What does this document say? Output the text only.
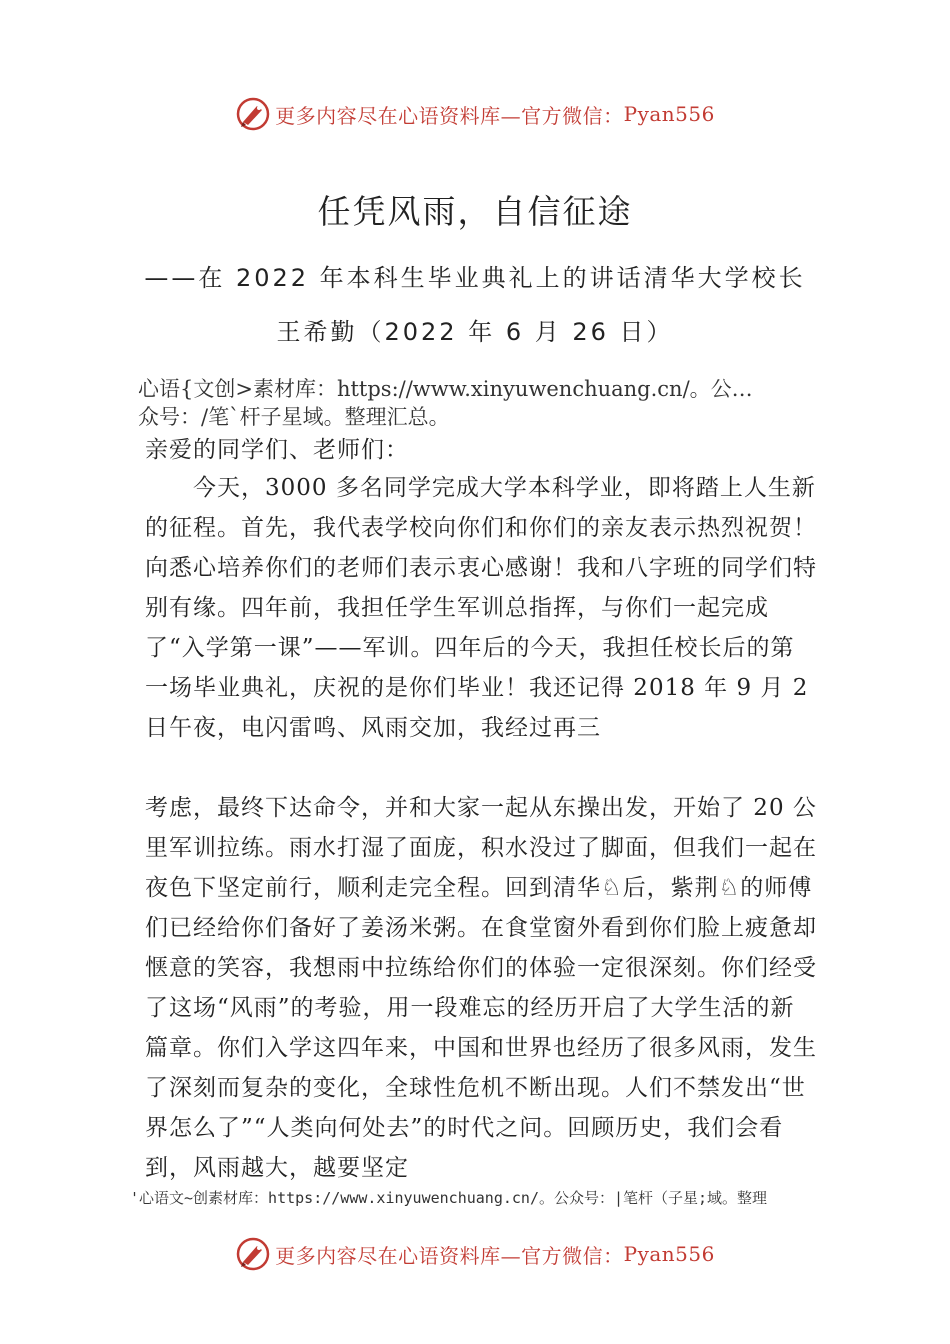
更多内容尽在心语资料库—官方微信： Pyan556
任凭风雨，自信征途
——在 2022 年本科生毕业典礼上的讲话清华大学校长
王希勤（2022 年 6 月 26 日）
心语{文创>素材库：https://www.xinyuwenchuang.cn/。公…
众号：/笔`杆子星域。整理汇总。
亲爱的同学们、老师们：
今天，3000 多名同学完成大学本科学业，即将踏上人生新的征程。首先，我代表学校向你们和你们的亲友表示热烈祝贺！向悉心培养你们的老师们表示衷心感谢！我和八字班的同学们特别有缘。四年前，我担任学生军训总指挥，与你们一起完成了“入学第一课”——军训。四年后的今天，我担任校长后的第一场毕业典礼，庆祝的是你们毕业！我还记得 2018 年 9 月 2 日午夜，电闪雷鸣、风雨交加，我经过再三
考虑，最终下达命令，并和大家一起从东操出发，开始了 20 公里军训拉练。雨水打湿了面庞，积水没过了脚面，但我们一起在夜色下坚定前行，顺利走完全程。回到清华♘后，紫荆♘的师傅们已经给你们备好了姜汤米粥。在食堂窗外看到你们脸上疲惫却惬意的笑容，我想雨中拉练给你们的体验一定很深刻。你们经受了这场“风雨”的考验，用一段难忘的经历开启了大学生活的新篇章。你们入学这四年来，中国和世界也经历了很多风雨，发生了深刻而复杂的变化，全球性危机不断出现。人们不禁发出“世界怎么了”“人类向何处去”的时代之问。回顾历史，我们会看到，风雨越大，越要坚定
'心语文~创素材库：https://www.xinyuwenchuang.cn/。公众号：|笔杆（子星;域。整理
更多内容尽在心语资料库—官方微信： Pyan556
